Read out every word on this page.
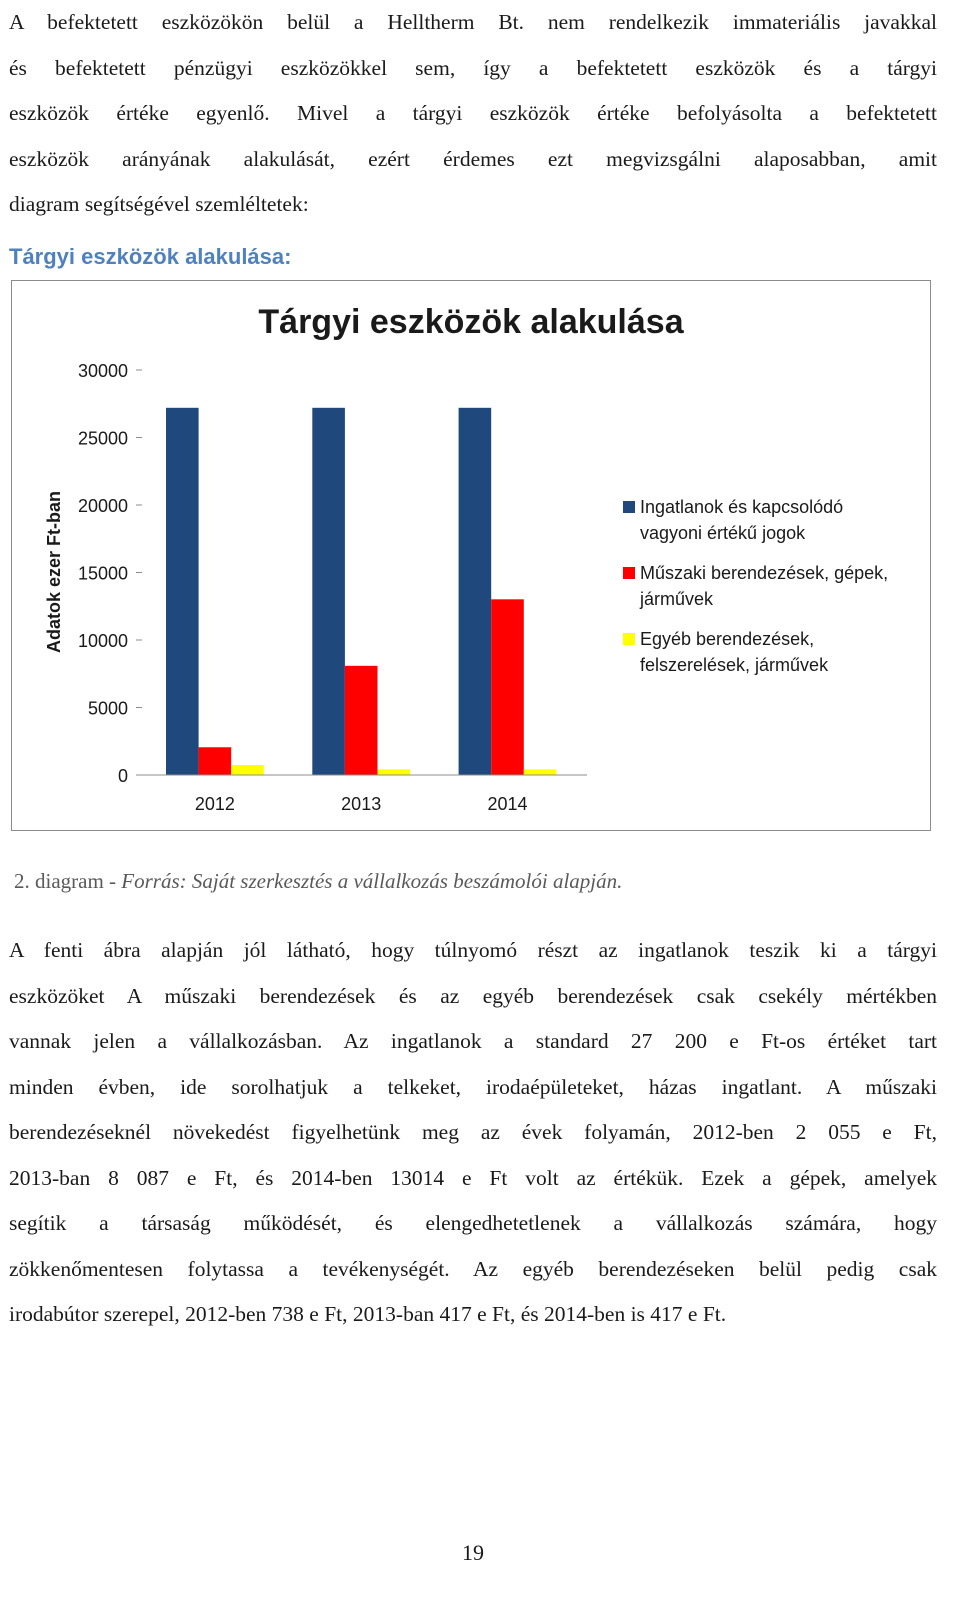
A befektetett eszközökön belül a Helltherm Bt. nem rendelkezik immateriális javakkal
és befektetett pénzügyi eszközökkel sem, így a befektetett eszközök és a tárgyi
eszközök értéke egyenlő. Mivel a tárgyi eszközök értéke befolyásolta a befektetett
eszközök arányának alakulását, ezért érdemes ezt megvizsgálni alaposabban, amit
diagram segítségével szemléltetek:

Tárgyi eszközök alakulása:
Tárgyi eszközök alakulása
Adatok ezer Ft-ban
0
5000
10000
15000
20000
25000
30000
2012	2013	2014
Ingatlanok és kapcsolódó
vagyoni értékű jogok
Műszaki berendezések, gépek,
járművek
Egyéb berendezések,
felszerelések, járművek

2. diagram - Forrás: Saját szerkesztés a vállalkozás beszámolói alapján.

A fenti ábra alapján jól látható, hogy túlnyomó részt az ingatlanok teszik ki a tárgyi
eszközöket A műszaki berendezések és az egyéb berendezések csak csekély mértékben
vannak jelen a vállalkozásban. Az ingatlanok a standard 27 200 e Ft-os értéket tart
minden évben, ide sorolhatjuk a telkeket, irodaépületeket, házas ingatlant. A műszaki
berendezéseknél növekedést figyelhetünk meg az évek folyamán, 2012-ben 2 055 e Ft,
2013-ban 8 087 e Ft, és 2014-ben 13014 e Ft volt az értékük. Ezek a gépek, amelyek
segítik a társaság működését, és elengedhetetlenek a vállalkozás számára, hogy
zökkenőmentesen folytassa a tevékenységét. Az egyéb berendezéseken belül pedig csak
irodabútor szerepel, 2012-ben 738 e Ft, 2013-ban 417 e Ft, és 2014-ben is 417 e Ft.

19
